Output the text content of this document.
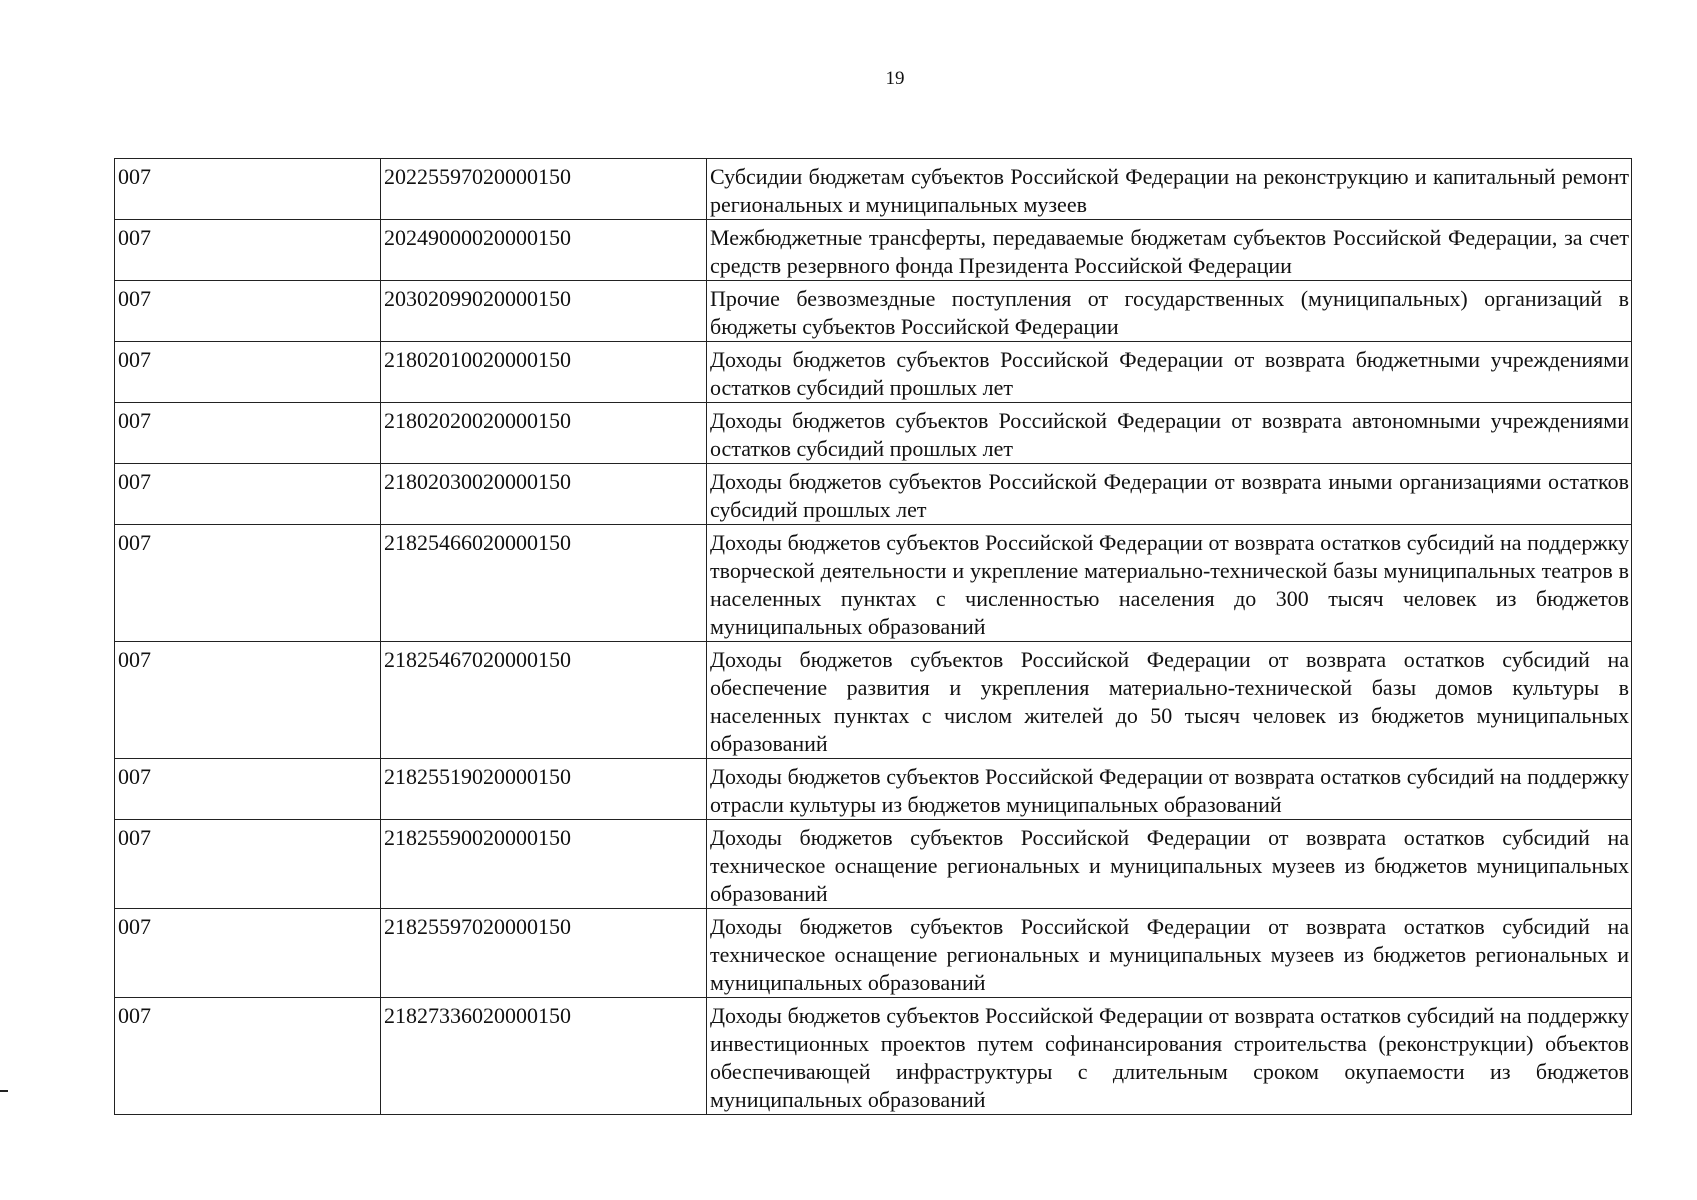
19
007	20225597020000150	Субсидии бюджетам субъектов Российской Федерации на реконструкцию и капитальный ремонт региональных и муниципальных музеев
007	20249000020000150	Межбюджетные трансферты, передаваемые бюджетам субъектов Российской Федерации, за счет средств резервного фонда Президента Российской Федерации
007	20302099020000150	Прочие безвозмездные поступления от государственных (муниципальных) организаций в бюджеты субъектов Российской Федерации
007	21802010020000150	Доходы бюджетов субъектов Российской Федерации от возврата бюджетными учреждениями остатков субсидий прошлых лет
007	21802020020000150	Доходы бюджетов субъектов Российской Федерации от возврата автономными учреждениями остатков субсидий прошлых лет
007	21802030020000150	Доходы бюджетов субъектов Российской Федерации от возврата иными организациями остатков субсидий прошлых лет
007	21825466020000150	Доходы бюджетов субъектов Российской Федерации от возврата остатков субсидий на поддержку творческой деятельности и укрепление материально-технической базы муниципальных театров в населенных пунктах с численностью населения до 300 тысяч человек из бюджетов муниципальных образований
007	21825467020000150	Доходы бюджетов субъектов Российской Федерации от возврата остатков субсидий на обеспечение развития и укрепления материально-технической базы домов культуры в населенных пунктах с числом жителей до 50 тысяч человек из бюджетов муниципальных образований
007	21825519020000150	Доходы бюджетов субъектов Российской Федерации от возврата остатков субсидий на поддержку отрасли культуры из бюджетов муниципальных образований
007	21825590020000150	Доходы бюджетов субъектов Российской Федерации от возврата остатков субсидий на техническое оснащение региональных и муниципальных музеев из бюджетов муниципальных образований
007	21825597020000150	Доходы бюджетов субъектов Российской Федерации от возврата остатков субсидий на техническое оснащение региональных и муниципальных музеев из бюджетов региональных и муниципальных образований
007	21827336020000150	Доходы бюджетов субъектов Российской Федерации от возврата остатков субсидий на поддержку инвестиционных проектов путем софинансирования строительства (реконструкции) объектов обеспечивающей инфраструктуры с длительным сроком окупаемости из бюджетов муниципальных образований
